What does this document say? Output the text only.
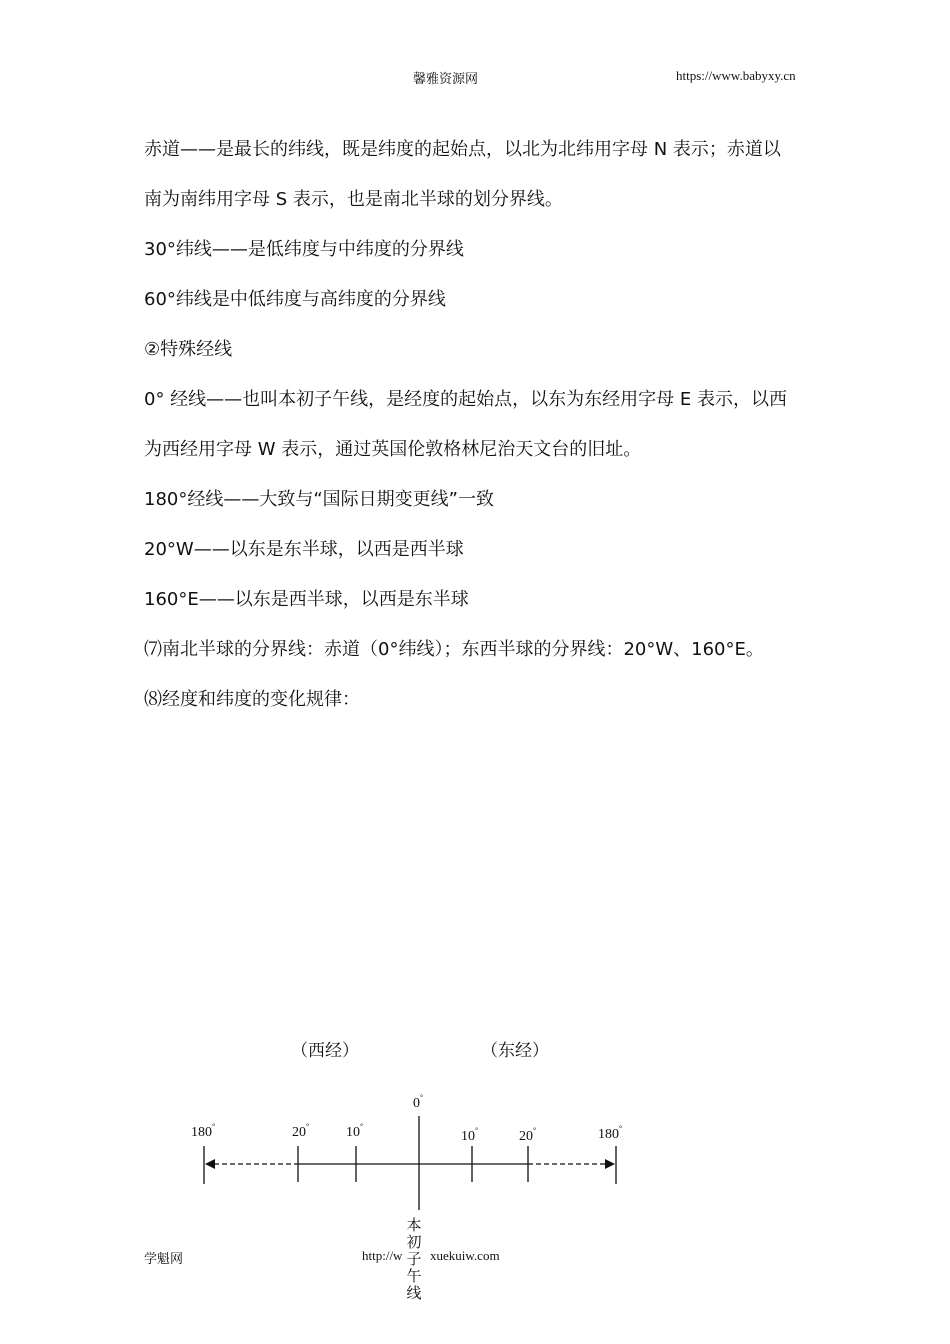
馨雅资源网	https://www.babyxy.cn
赤道——是最长的纬线，既是纬度的起始点，以北为北纬用字母 N 表示；赤道以
南为南纬用字母 S 表示，也是南北半球的划分界线。
30°纬线——是低纬度与中纬度的分界线
60°纬线是中低纬度与高纬度的分界线
②特殊经线
0° 经线——也叫本初子午线，是经度的起始点，以东为东经用字母 E 表示，以西
为西经用字母 W 表示，通过英国伦敦格林尼治天文台的旧址。
180°经线——大致与“国际日期变更线”一致
20°W——以东是东半球，以西是西半球
160°E——以东是西半球，以西是东半球
⑺南北半球的分界线：赤道（0°纬线）；东西半球的分界线：20°W、160°E。
⑻经度和纬度的变化规律：
（西经）	（东经）
0°
180°	20°	10°
10°	20°	180°
学魁网	http://w xuekuiw.com
本
初
子
午
线
